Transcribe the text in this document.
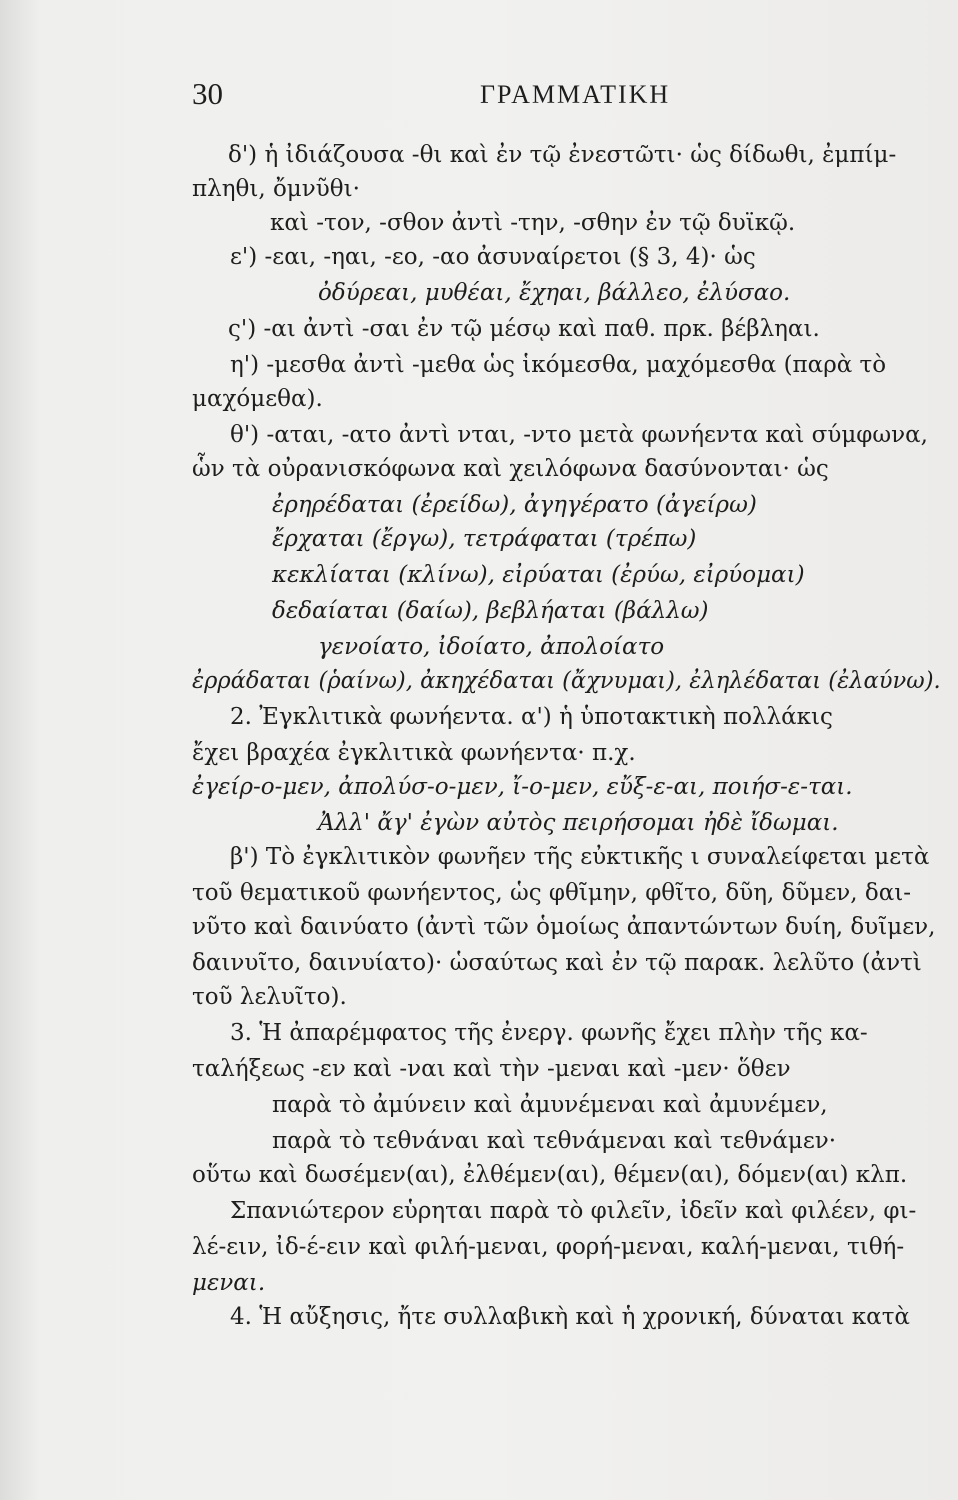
30	ΓΡΑΜΜΑΤΙΚΗ
δ') ἡ ἰδιάζουσα -θι καὶ ἐν τῷ ἐνεστῶτι· ὡς δίδωθι, ἐμπίμ-
πληθι, ὄμνῦθι·
καὶ -τον, -σθον ἀντὶ -την, -σθην ἐν τῷ δυϊκῷ.
ε') -εαι, -ηαι, -εο, -αο ἀσυναίρετοι (§ 3, 4)· ὡς
ὀδύρεαι, μυθέαι, ἔχηαι, βάλλεο, ἐλύσαο.
ς') -αι ἀντὶ -σαι ἐν τῷ μέσῳ καὶ παθ. πρκ. βέβληαι.
η') -μεσθα ἀντὶ -μεθα ὡς ἱκόμεσθα, μαχόμεσθα (παρὰ τὸ
μαχόμεθα).
θ') -αται, -ατο ἀντὶ νται, -ντο μετὰ φωνήεντα καὶ σύμφωνα,
ὧν τὰ οὐρανισκόφωνα καὶ χειλόφωνα δασύνονται· ὡς
ἐρηρέδαται (ἐρείδω), ἀγηγέρατο (ἀγείρω)
ἔρχαται (ἔργω), τετράφαται (τρέπω)
κεκλίαται (κλίνω), εἰρύαται (ἐρύω, εἰρύομαι)
δεδαίαται (δαίω), βεβλήαται (βάλλω)
γενοίατο, ἰδοίατο, ἀπολοίατο
ἐρράδαται (ῥαίνω), ἀκηχέδαται (ἄχνυμαι), ἐληλέδαται (ἐλαύνω).
2. Ἐγκλιτικὰ φωνήεντα. α') ἡ ὑποτακτικὴ πολλάκις
ἔχει βραχέα ἐγκλιτικὰ φωνήεντα· π.χ.
ἐγείρ-ο-μεν, ἀπολύσ-ο-μεν, ἴ-ο-μεν, εὔξ-ε-αι, ποιήσ-ε-ται.
Ἀλλ' ἄγ' ἐγὼν αὐτὸς πειρήσομαι ἠδὲ ἴδωμαι.
β') Τὸ ἐγκλιτικὸν φωνῆεν τῆς εὐκτικῆς ι συναλείφεται μετὰ
τοῦ θεματικοῦ φωνήεντος, ὡς φθῖμην, φθῖτο, δῦη, δῦμεν, δαι-
νῦτο καὶ δαινύατο (ἀντὶ τῶν ὁμοίως ἀπαντώντων δυίη, δυῖμεν,
δαινυῖτο, δαινυίατο)· ὡσαύτως καὶ ἐν τῷ παρακ. λελῦτο (ἀντὶ
τοῦ λελυῖτο).
3. Ἡ ἀπαρέμφατος τῆς ἐνεργ. φωνῆς ἔχει πλὴν τῆς κα-
ταλήξεως -εν καὶ -ναι καὶ τὴν -μεναι καὶ -μεν· ὅθεν
παρὰ τὸ ἀμύνειν καὶ ἀμυνέμεναι καὶ ἀμυνέμεν,
παρὰ τὸ τεθνάναι καὶ τεθνάμεναι καὶ τεθνάμεν·
οὕτω καὶ δωσέμεν(αι), ἐλθέμεν(αι), θέμεν(αι), δόμεν(αι) κλπ.
Σπανιώτερον εὑρηται παρὰ τὸ φιλεῖν, ἰδεῖν καὶ φιλέεν, φι-
λέ-ειν, ἰδ-έ-ειν καὶ φιλή-μεναι, φορή-μεναι, καλή-μεναι, τιθή-
μεναι.
4. Ἡ αὔξησις, ἤτε συλλαβικὴ καὶ ἡ χρονική, δύναται κατὰ
